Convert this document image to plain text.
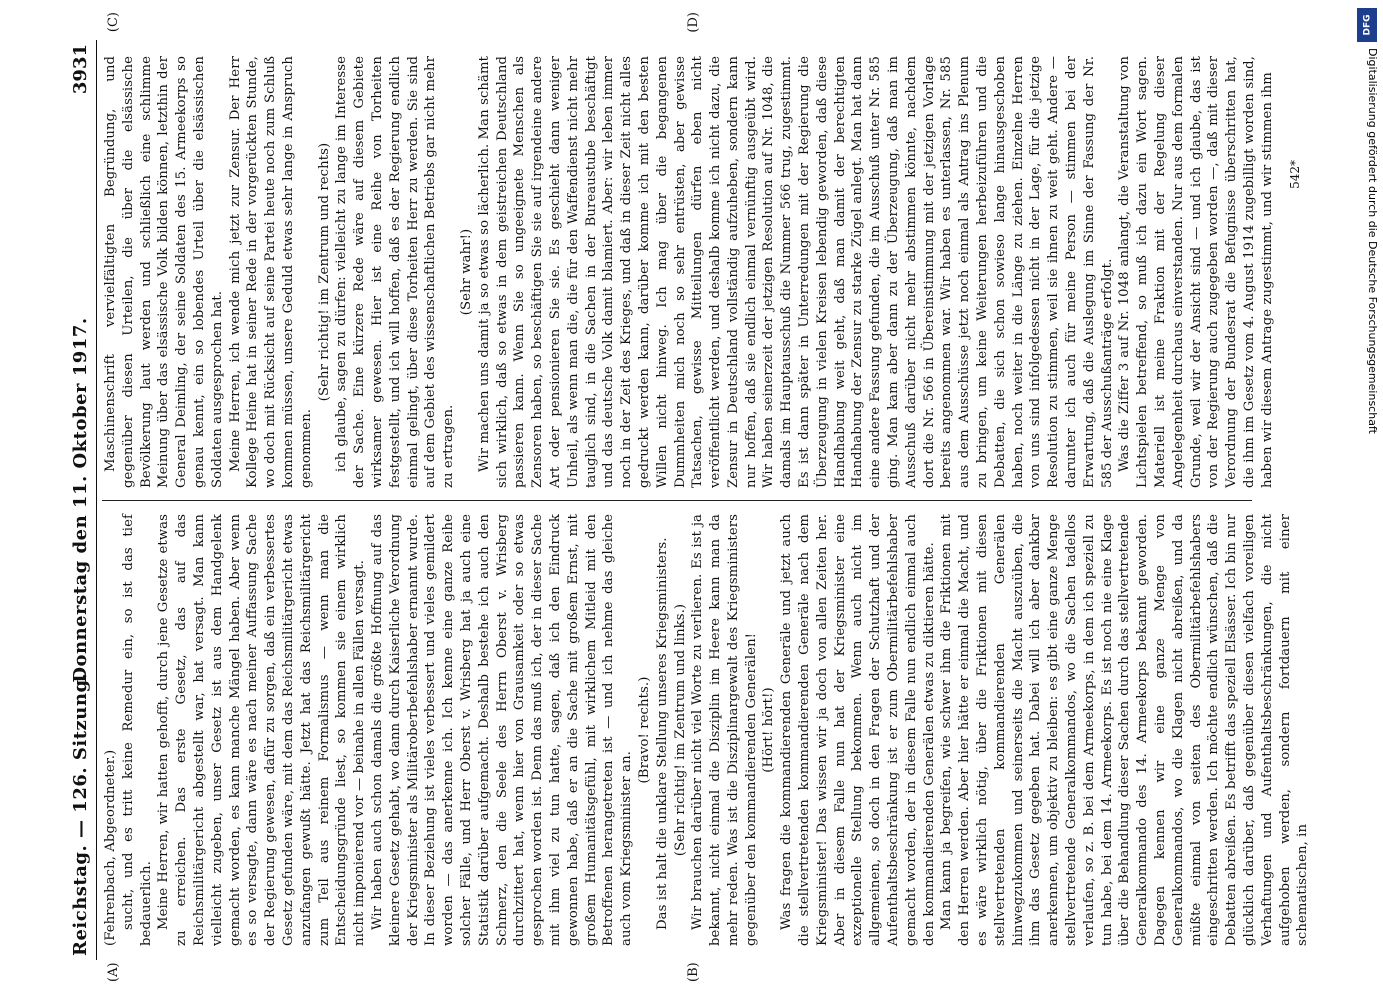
Reichstag. — 126. Sitzung.
Donnerstag den 11. Oktober 1917.
3931
(A)	(B)
(C)	(D)

(Fehrenbach, Abgeordneter.) sucht, und es tritt keine Remedur ein, so ist das tief bedauerlich. Meine Herren, wir hatten gehofft, durch jene Gesetze etwas zu erreichen. Das erste Gesetz, das auf das Reichsmilitärgericht abgestellt war, hat versagt. Man kann vielleicht zugeben, unser Gesetz ist aus dem Handgelenk gemacht worden, es kann manche Mängel haben. Aber wenn es so versagte, dann wäre es nach meiner Auffassung Sache der Regierung gewesen, dafür zu sorgen, daß ein verbessertes Gesetz gefunden wäre, mit dem das Reichsmilitärgericht etwas anzufangen gewußt hätte. Jetzt hat das Reichsmilitärgericht zum Teil aus reinem Formalismus — wenn man die Entscheidungsgründe liest, so kommen sie einem wirklich nicht imponierend vor — beinahe in allen Fällen versagt. Wir haben auch schon damals die größte Hoffnung auf das kleinere Gesetz gehabt, wo dann durch Kaiserliche Verordnung der Kriegsminister als Militärobeтbefehlshaber ernannt wurde. In dieser Beziehung ist vieles verbessert und vieles gemildert worden — das anerkenne ich. Ich kenne eine ganze Reihe solcher Fälle, und Herr Oberst v. Wrisberg hat ja auch eine Statistik darüber aufgemacht. Deshalb bestehe ich auch den Schmerz, den die Seele des Herrn Oberst v. Wrisberg durchzittert hat, wenn hier von Grausamkeit oder so etwas gesprochen worden ist. Denn das muß ich, der in dieser Sache mit ihm viel zu tun hatte, sagen, daß ich den Eindruck gewonnen habe, daß er an die Sache mit großem Ernst, mit großem Humanitätsgefühl, mit wirklichem Mitleid mit den Betroffenen herangetreten ist — und ich nehme das gleiche auch vom Kriegsminister an.

(Bravo! rechts.) Das ist halt die unklare Stellung unseres Kriegsministers. (Sehr richtig! im Zentrum und links.) Wir brauchen darüber nicht viel Worte zu verlieren. Es ist ja bekannt, nicht einmal die Disziplin im Heere kann man da mehr reden. Was ist die Disziplinargewalt des Kriegsministers gegenüber den kommandierenden Generälen! (Hört! hört!) Was fragen die kommandierenden Generäle und jetzt auch die stellvertretenden kommandierenden Generäle nach dem Kriegsminister! Das wissen wir ja doch von allen Zeiten her. Aber in diesem Falle nun hat der Kriegsminister eine exzeptionelle Stellung bekommen. Wenn auch nicht im allgemeinen, so doch in den Fragen der Schutzhaft und der Aufenthaltsbeschränkung ist er zum Obermilitärbefehlshaber gemacht worden, der in diesem Falle nun endlich einmal auch den kommandierenden Generälen etwas zu diktieren hätte. Man kann ja begreifen, wie schwer ihm die Friktionen mit den Herren werden. Aber hier hätte er einmal die Macht, und es wäre wirklich nötig, über die Friktionen mit diesen stellvertretenden kommandierenden Generälen hinwegzukommen und seinerseits die Macht auszuüben, die ihm das Gesetz gegeben hat. Dabei will ich aber dankbar anerkennen, um objektiv zu bleiben: es gibt eine ganze Menge stellvertretende Generalkommandos, wo die Sachen tadellos verlaufen, so z. B. bei dem Armeekorps, in dem ich speziell zu tun habe, bei dem 14. Armeekorps. Es ist noch nie eine Klage über die Behandlung dieser Sachen durch das stellvertretende Generalkommando des 14. Armeekorps bekannt geworden. Dagegen kennen wir eine ganze Menge von Generalkommandos, wo die Klagen nicht abreißen, und da müßte einmal von seiten des Obermilitärbefehlshabers eingeschritten werden. Ich möchte endlich wünschen, daß die Debatten abreißen. Es betrifft das speziell Elsässer. Ich bin nur glücklich darüber, daß gegenüber diesen vielfach voreiligen Verhaftungen und Aufenthaltsbeschränkungen, die nicht aufgehoben werden, sondern fortdauern mit einer schematischen, in

Maschinenschrift vervielfältigten Begründung, und gegenüber diesen Urteilen, die über die elsässische Bevölkerung laut werden und schließlich eine schlimme Meinung über das elsässische Volk bilden können, letzthin der General Deimling, der seine Soldaten des 15. Armeekorps so genau kennt, ein so lobendes Urteil über die elsässischen Soldaten ausgesprochen hat. Meine Herren, ich wende mich jetzt zur Zensur. Der Herr Kollege Heine hat in seiner Rede in der vorgerückten Stunde, wo doch mit Rücksicht auf seine Partei heute noch zum Schluß kommen müssen, unsere Geduld etwas sehr lange in Anspruch genommen.

(Sehr richtig! im Zentrum und rechts) ich glaube, sagen zu dürfen: vielleicht zu lange im Interesse der Sache. Eine kürzere Rede wäre auf diesem Gebiete wirksamer gewesen. Hier ist eine Reihe von Torheiten festgestellt, und ich will hoffen, daß es der Regierung endlich einmal gelingt, über diese Torheiten Herr zu werden. Sie sind auf dem Gebiet des wissenschaftlichen Betriebs gar nicht mehr zu ertragen.

(Sehr wahr!) Wir machen uns damit ja so etwas so lächerlich. Man schämt sich wirklich, daß so etwas in dem geistreichen Deutschland passieren kann. Wenn Sie so ungeeignete Menschen als Zensoren haben, so beschäftigen Sie sie auf irgendeine andere Art oder pensionieren Sie sie. Es geschieht dann weniger Unheil, als wenn man die, die für den Waffendienst nicht mehr tauglich sind, in die Sachen in der Bureaustube beschäftigt und das deutsche Volk damit blamiert. Aber: wir leben immer noch in der Zeit des Krieges, und daß in dieser Zeit nicht alles gedruckt werden kann, darüber komme ich mit den besten Willen nicht hinweg. Ich mag über die begangenen Dummheiten mich noch so sehr entrüsten, aber gewisse Tatsachen, gewisse Mitteilungen dürfen eben nicht veröffentlicht werden, und deshalb komme ich nicht dazu, die Zensur in Deutschland vollständig aufzuheben, sondern kann nur hoffen, daß sie endlich einmal vernünftig ausgeübt wird. Wir haben seinerzeit der jetzigen Resolution auf Nr. 1048, die damals im Hauptausschuß die Nummer 566 trug, zugestimmt. Es ist dann später in Unterredungen mit der Regierung die Überzeugung in vielen Kreisen lebendig geworden, daß diese Handhabung weit geht, daß man damit der berechtigten Handhabung der Zensur zu starke Zügel anlegt. Man hat dann eine andere Fassung gefunden, die im Ausschuß unter Nr. 585 ging. Man kam aber dann zu der Überzeugung, daß man im Ausschuß darüber nicht mehr abstimmen könnte, nachdem dort die Nr. 566 in Übereinstimmung mit der jetzigen Vorlage bereits angenommen war. Wir haben es unterlassen, Nr. 585 aus dem Ausschüsse jetzt noch einmal als Antrag ins Plenum zu bringen, um keine Weiterungen herbeizuführen und die Debatten, die sich schon sowieso lange hinausgeschoben haben, noch weiter in die Länge zu ziehen. Einzelne Herren von uns sind infolgedessen nicht in der Lage, für die jetzige Resolution zu stimmen, weil sie ihnen zu weit geht. Andere — darunter ich auch für meine Person — stimmen bei der Erwartung, daß die Auslegung im Sinne der Fassung der Nr. 585 der Ausschußanträge erfolgt. Was die Ziffer 3 auf Nr. 1048 anlangt, die Veranstaltung von Lichtspielen betreffend, so muß ich dazu ein Wort sagen. Materiell ist meine Fraktion mit der Regelung dieser Angelegenheit durchaus einverstanden. Nur aus dem formalen Grunde, weil wir der Ansicht sind — und ich glaube, das ist von der Regierung auch zugegeben worden —, daß mit dieser Verordnung der Bundesrat die Befugnisse überschritten hat, die ihm im Gesetz vom 4. August 1914 zugebilligt worden sind, haben wir diesem Antrage zugestimmt, und wir stimmen ihm 542*
DFG
Digitalisierung gefördert durch die Deutsche Forschungsgemeinschaft
